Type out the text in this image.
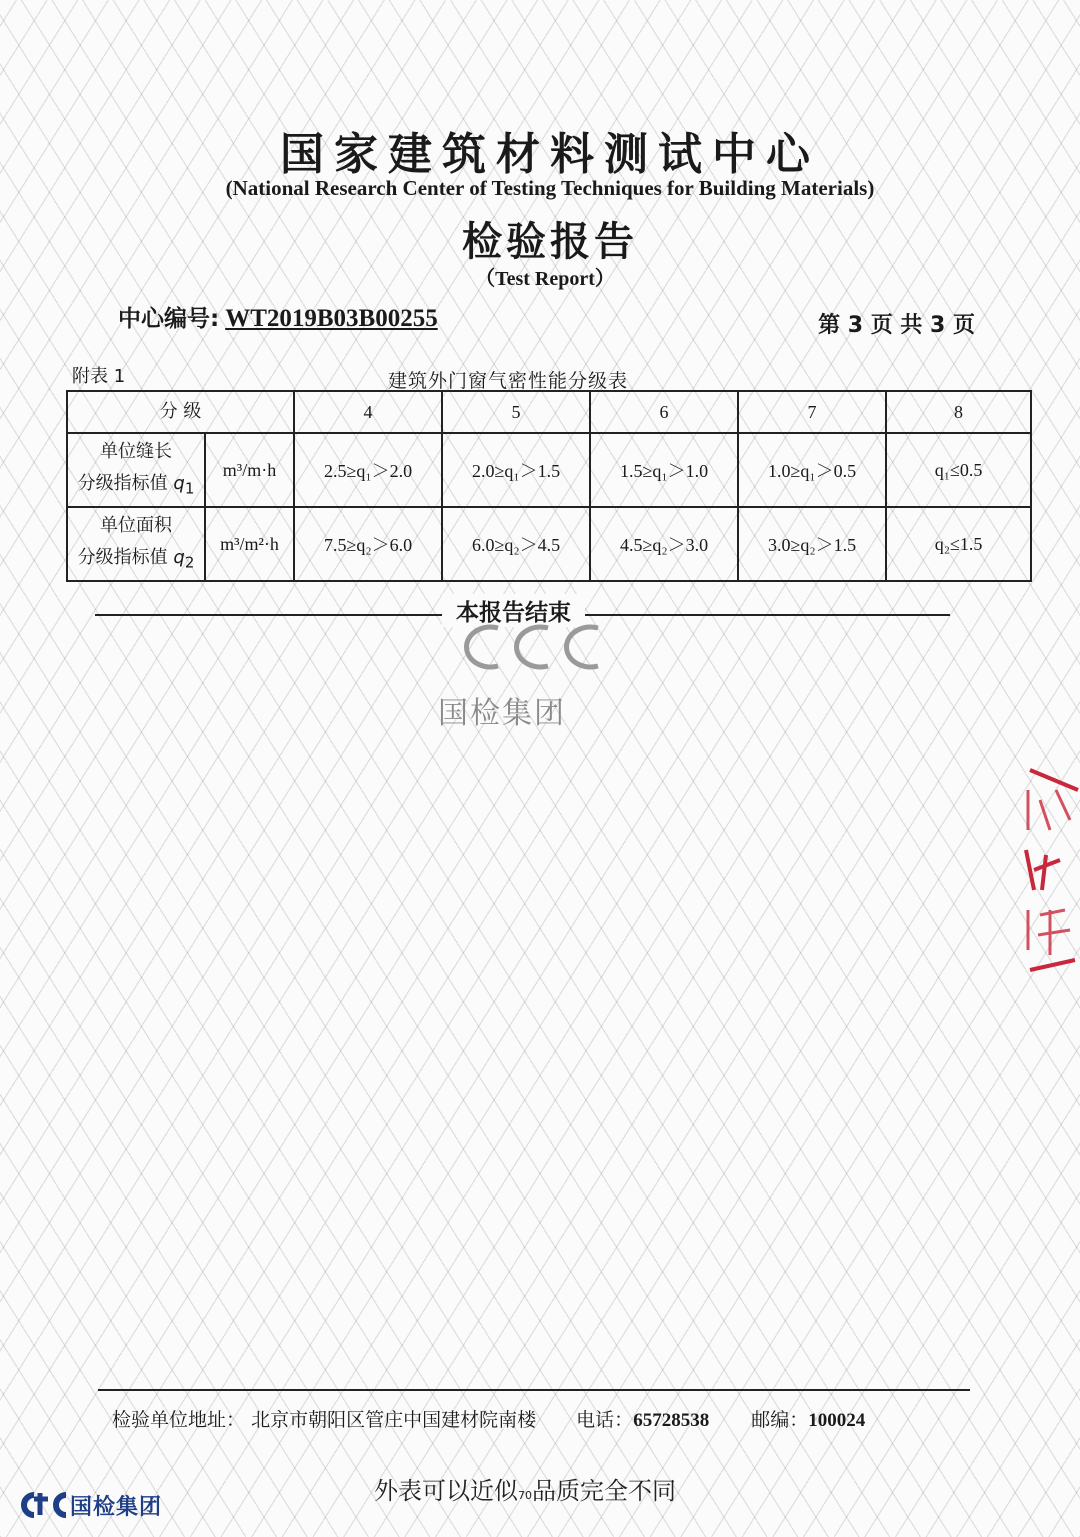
国家建筑材料测试中心
(National Research Center of Testing Techniques for Building Materials)
检验报告
（Test Report）
中心编号: WT2019B03B00255	第 3 页 共 3 页
附表 1	建筑外门窗气密性能分级表
分 级	4	5	6	7	8
单位缝长
分级指标值 $q_1$	m³/m·h	2.5≥q₁＞2.0	2.0≥q₁＞1.5	1.5≥q₁＞1.0	1.0≥q₁＞0.5	q₁≤0.5
单位面积
分级指标值 $q_2$	m³/m²·h	7.5≥q₂＞6.0	6.0≥q₂＞4.5	4.5≥q₂＞3.0	3.0≥q₂＞1.5	q₂≤1.5
本报告结束
国检集团
检验单位地址： 北京市朝阳区管庄中国建材院南楼 电话：65728538 邮编：100024
外表可以近似70品质完全不同
国检集团
